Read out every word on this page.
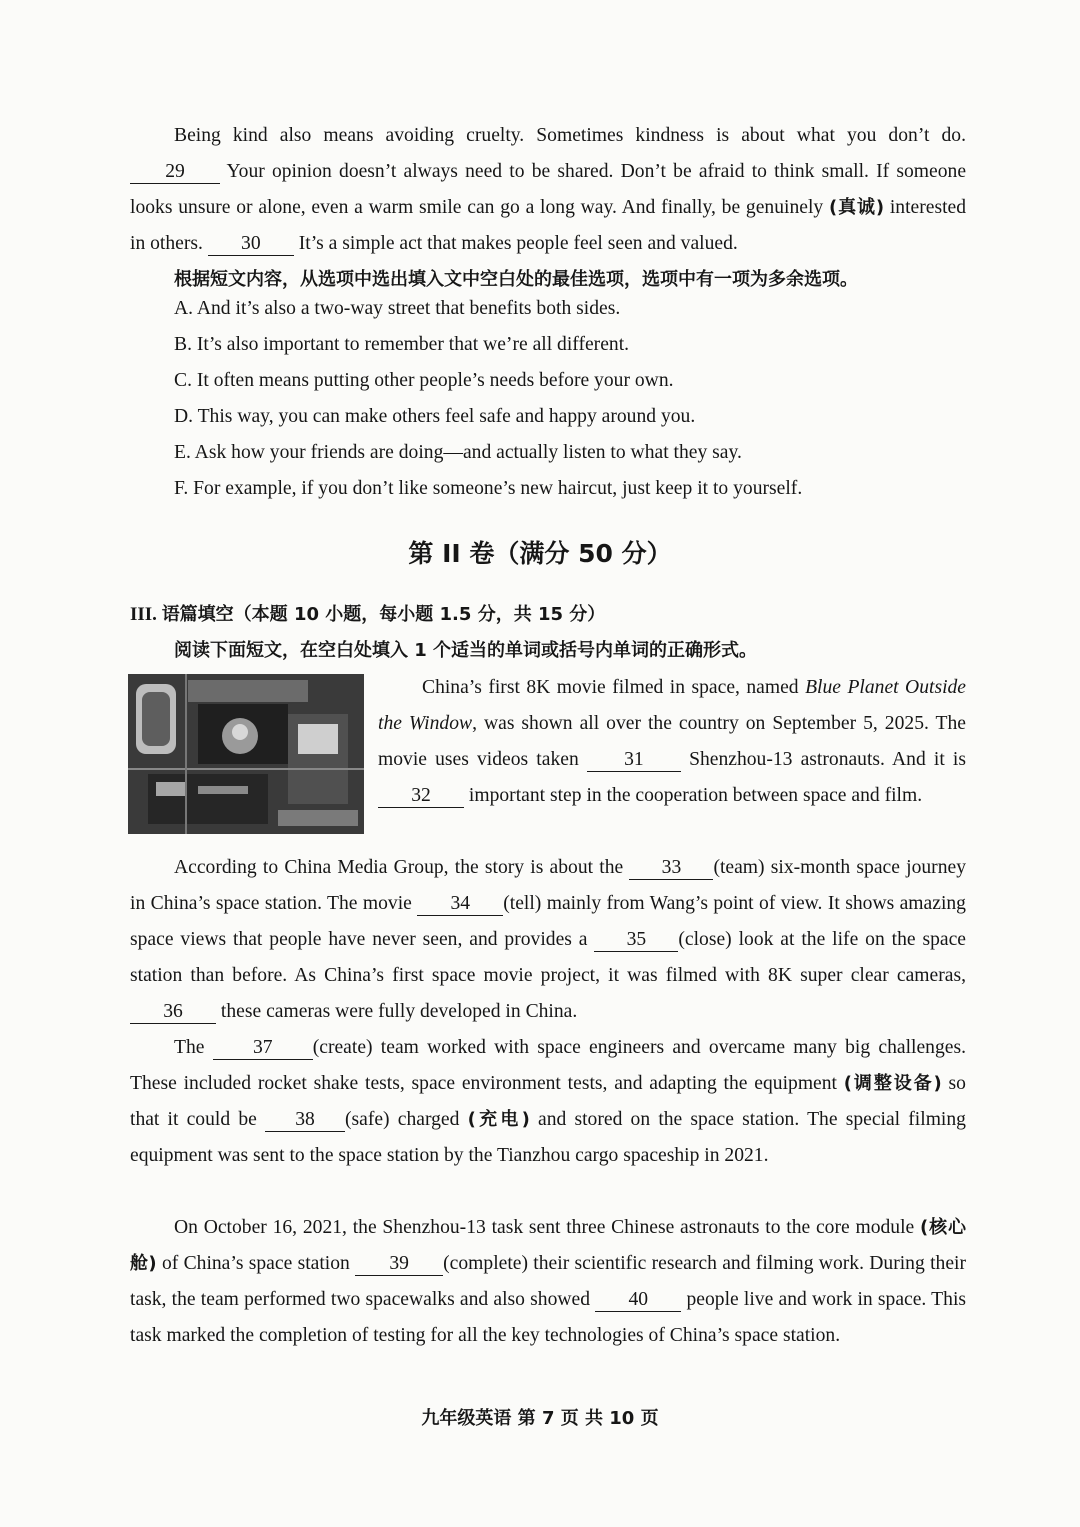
Being kind also means avoiding cruelty. Sometimes kindness is about what you don’t do. 29 Your opinion doesn’t always need to be shared. Don’t be afraid to think small. If someone looks unsure or alone, even a warm smile can go a long way. And finally, be genuinely (真诚) interested in others. 30 It’s a simple act that makes people feel seen and valued.

根据短文内容，从选项中选出填入文中空白处的最佳选项，选项中有一项为多余选项。

A. And it’s also a two-way street that benefits both sides.

B. It’s also important to remember that we’re all different.

C. It often means putting other people’s needs before your own.

D. This way, you can make others feel safe and happy around you.

E. Ask how your friends are doing—and actually listen to what they say.

F. For example, if you don’t like someone’s new haircut, just keep it to yourself.

第 II 卷（满分 50 分）

III. 语篇填空（本题 10 小题，每小题 1.5 分，共 15 分）

阅读下面短文，在空白处填入 1 个适当的单词或括号内单词的正确形式。

China’s first 8K movie filmed in space, named Blue Planet Outside the Window, was shown all over the country on September 5, 2025. The movie uses videos taken 31 Shenzhou-13 astronauts. And it is 32 important step in the cooperation between space and film.

According to China Media Group, the story is about the 33 (team) six-month space journey in China’s space station. The movie 34 (tell) mainly from Wang’s point of view. It shows amazing space views that people have never seen, and provides a 35 (close) look at the life on the space station than before. As China’s first space movie project, it was filmed with 8K super clear cameras, 36 these cameras were fully developed in China.

The 37 (create) team worked with space engineers and overcame many big challenges. These included rocket shake tests, space environment tests, and adapting the equipment (调整设备) so that it could be 38 (safe) charged (充电) and stored on the space station. The special filming equipment was sent to the space station by the Tianzhou cargo spaceship in 2021.

On October 16, 2021, the Shenzhou-13 task sent three Chinese astronauts to the core module (核心舱) of China’s space station 39 (complete) their scientific research and filming work. During their task, the team performed two spacewalks and also showed 40 people live and work in space. This task marked the completion of testing for all the key technologies of China’s space station.

九年级英语 第 7 页 共 10 页
